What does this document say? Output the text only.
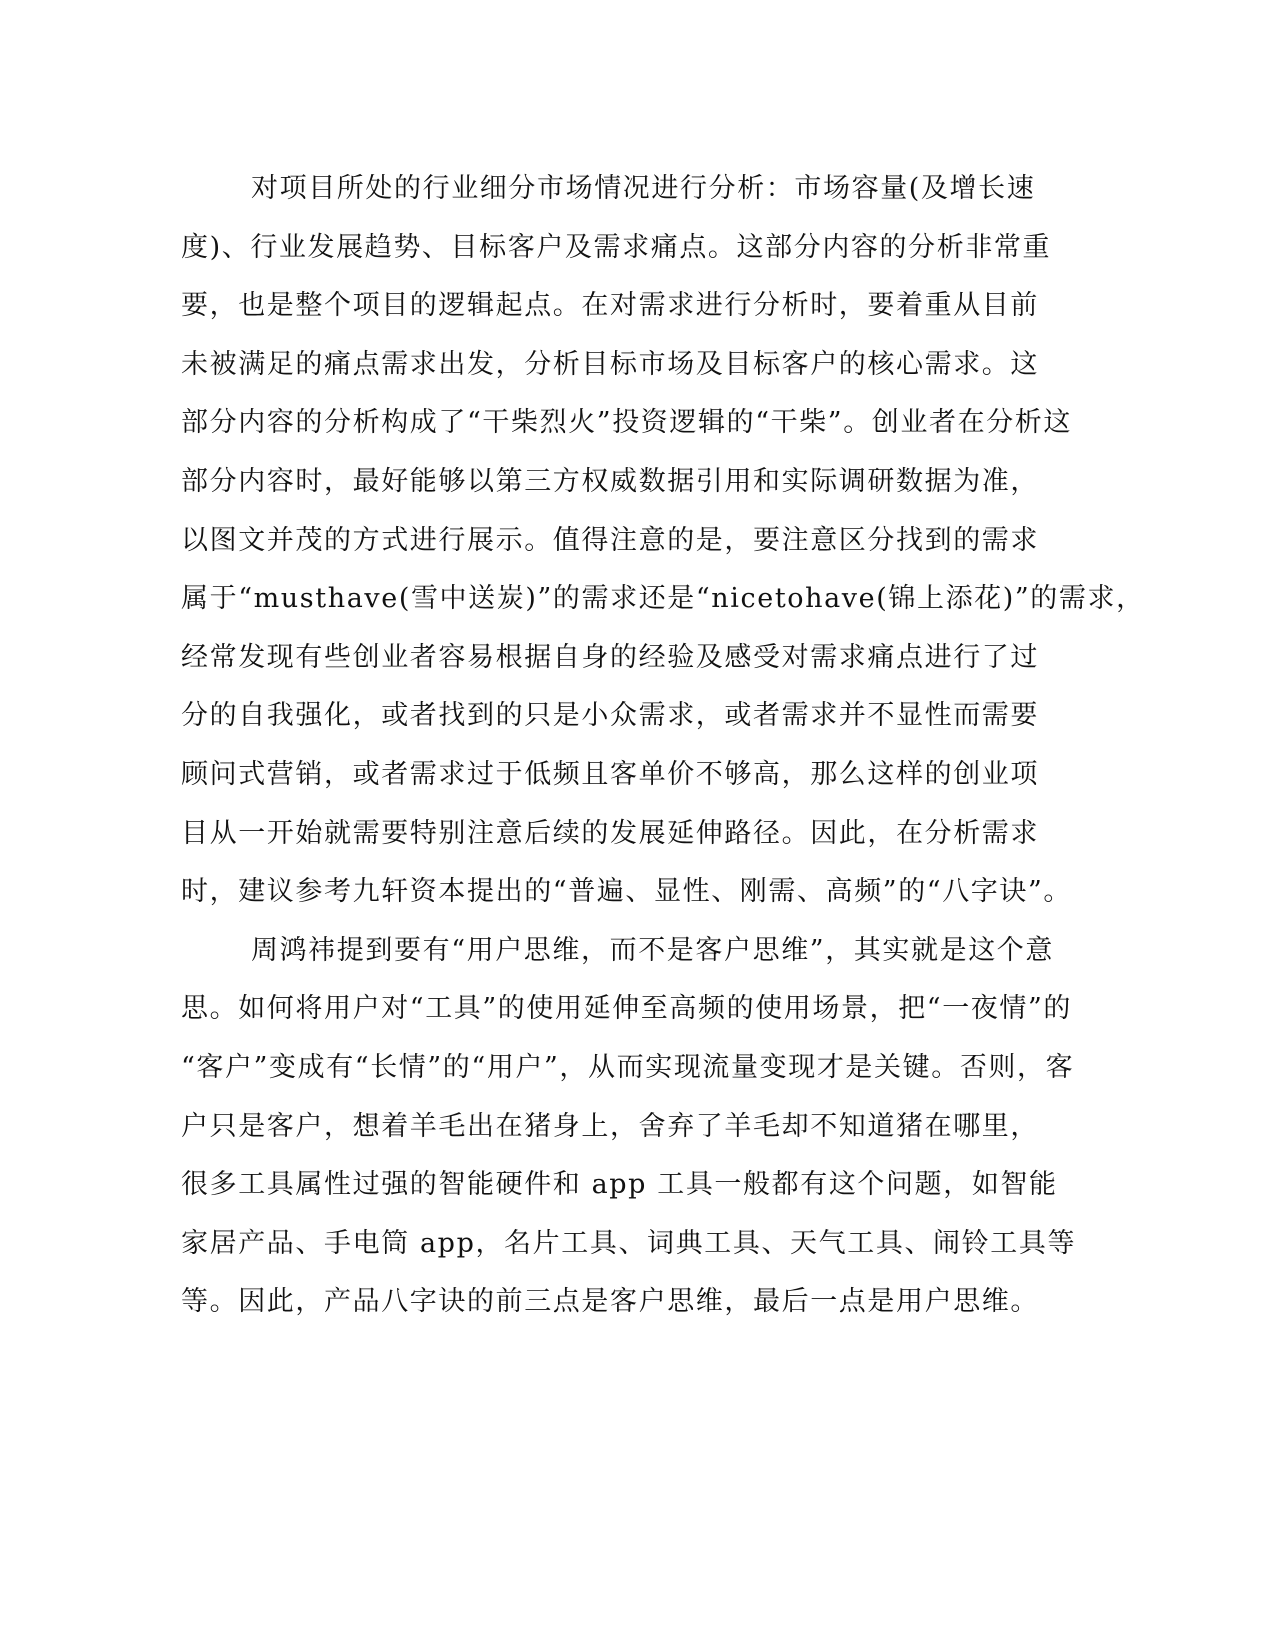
对项目所处的行业细分市场情况进行分析：市场容量(及增长速
度)、行业发展趋势、目标客户及需求痛点。这部分内容的分析非常重
要，也是整个项目的逻辑起点。在对需求进行分析时，要着重从目前
未被满足的痛点需求出发，分析目标市场及目标客户的核心需求。这
部分内容的分析构成了“干柴烈火”投资逻辑的“干柴”。创业者在分析这
部分内容时，最好能够以第三方权威数据引用和实际调研数据为准，
以图文并茂的方式进行展示。值得注意的是，要注意区分找到的需求
属于“musthave(雪中送炭)”的需求还是“nicetohave(锦上添花)”的需求，
经常发现有些创业者容易根据自身的经验及感受对需求痛点进行了过
分的自我强化，或者找到的只是小众需求，或者需求并不显性而需要
顾问式营销，或者需求过于低频且客单价不够高，那么这样的创业项
目从一开始就需要特别注意后续的发展延伸路径。因此，在分析需求
时，建议参考九轩资本提出的“普遍、显性、刚需、高频”的“八字诀”。
周鸿祎提到要有“用户思维，而不是客户思维”，其实就是这个意
思。如何将用户对“工具”的使用延伸至高频的使用场景，把“一夜情”的
“客户”变成有“长情”的“用户”，从而实现流量变现才是关键。否则，客
户只是客户，想着羊毛出在猪身上，舍弃了羊毛却不知道猪在哪里，
很多工具属性过强的智能硬件和 app 工具一般都有这个问题，如智能
家居产品、手电筒 app，名片工具、词典工具、天气工具、闹铃工具等
等。因此，产品八字诀的前三点是客户思维，最后一点是用户思维。
